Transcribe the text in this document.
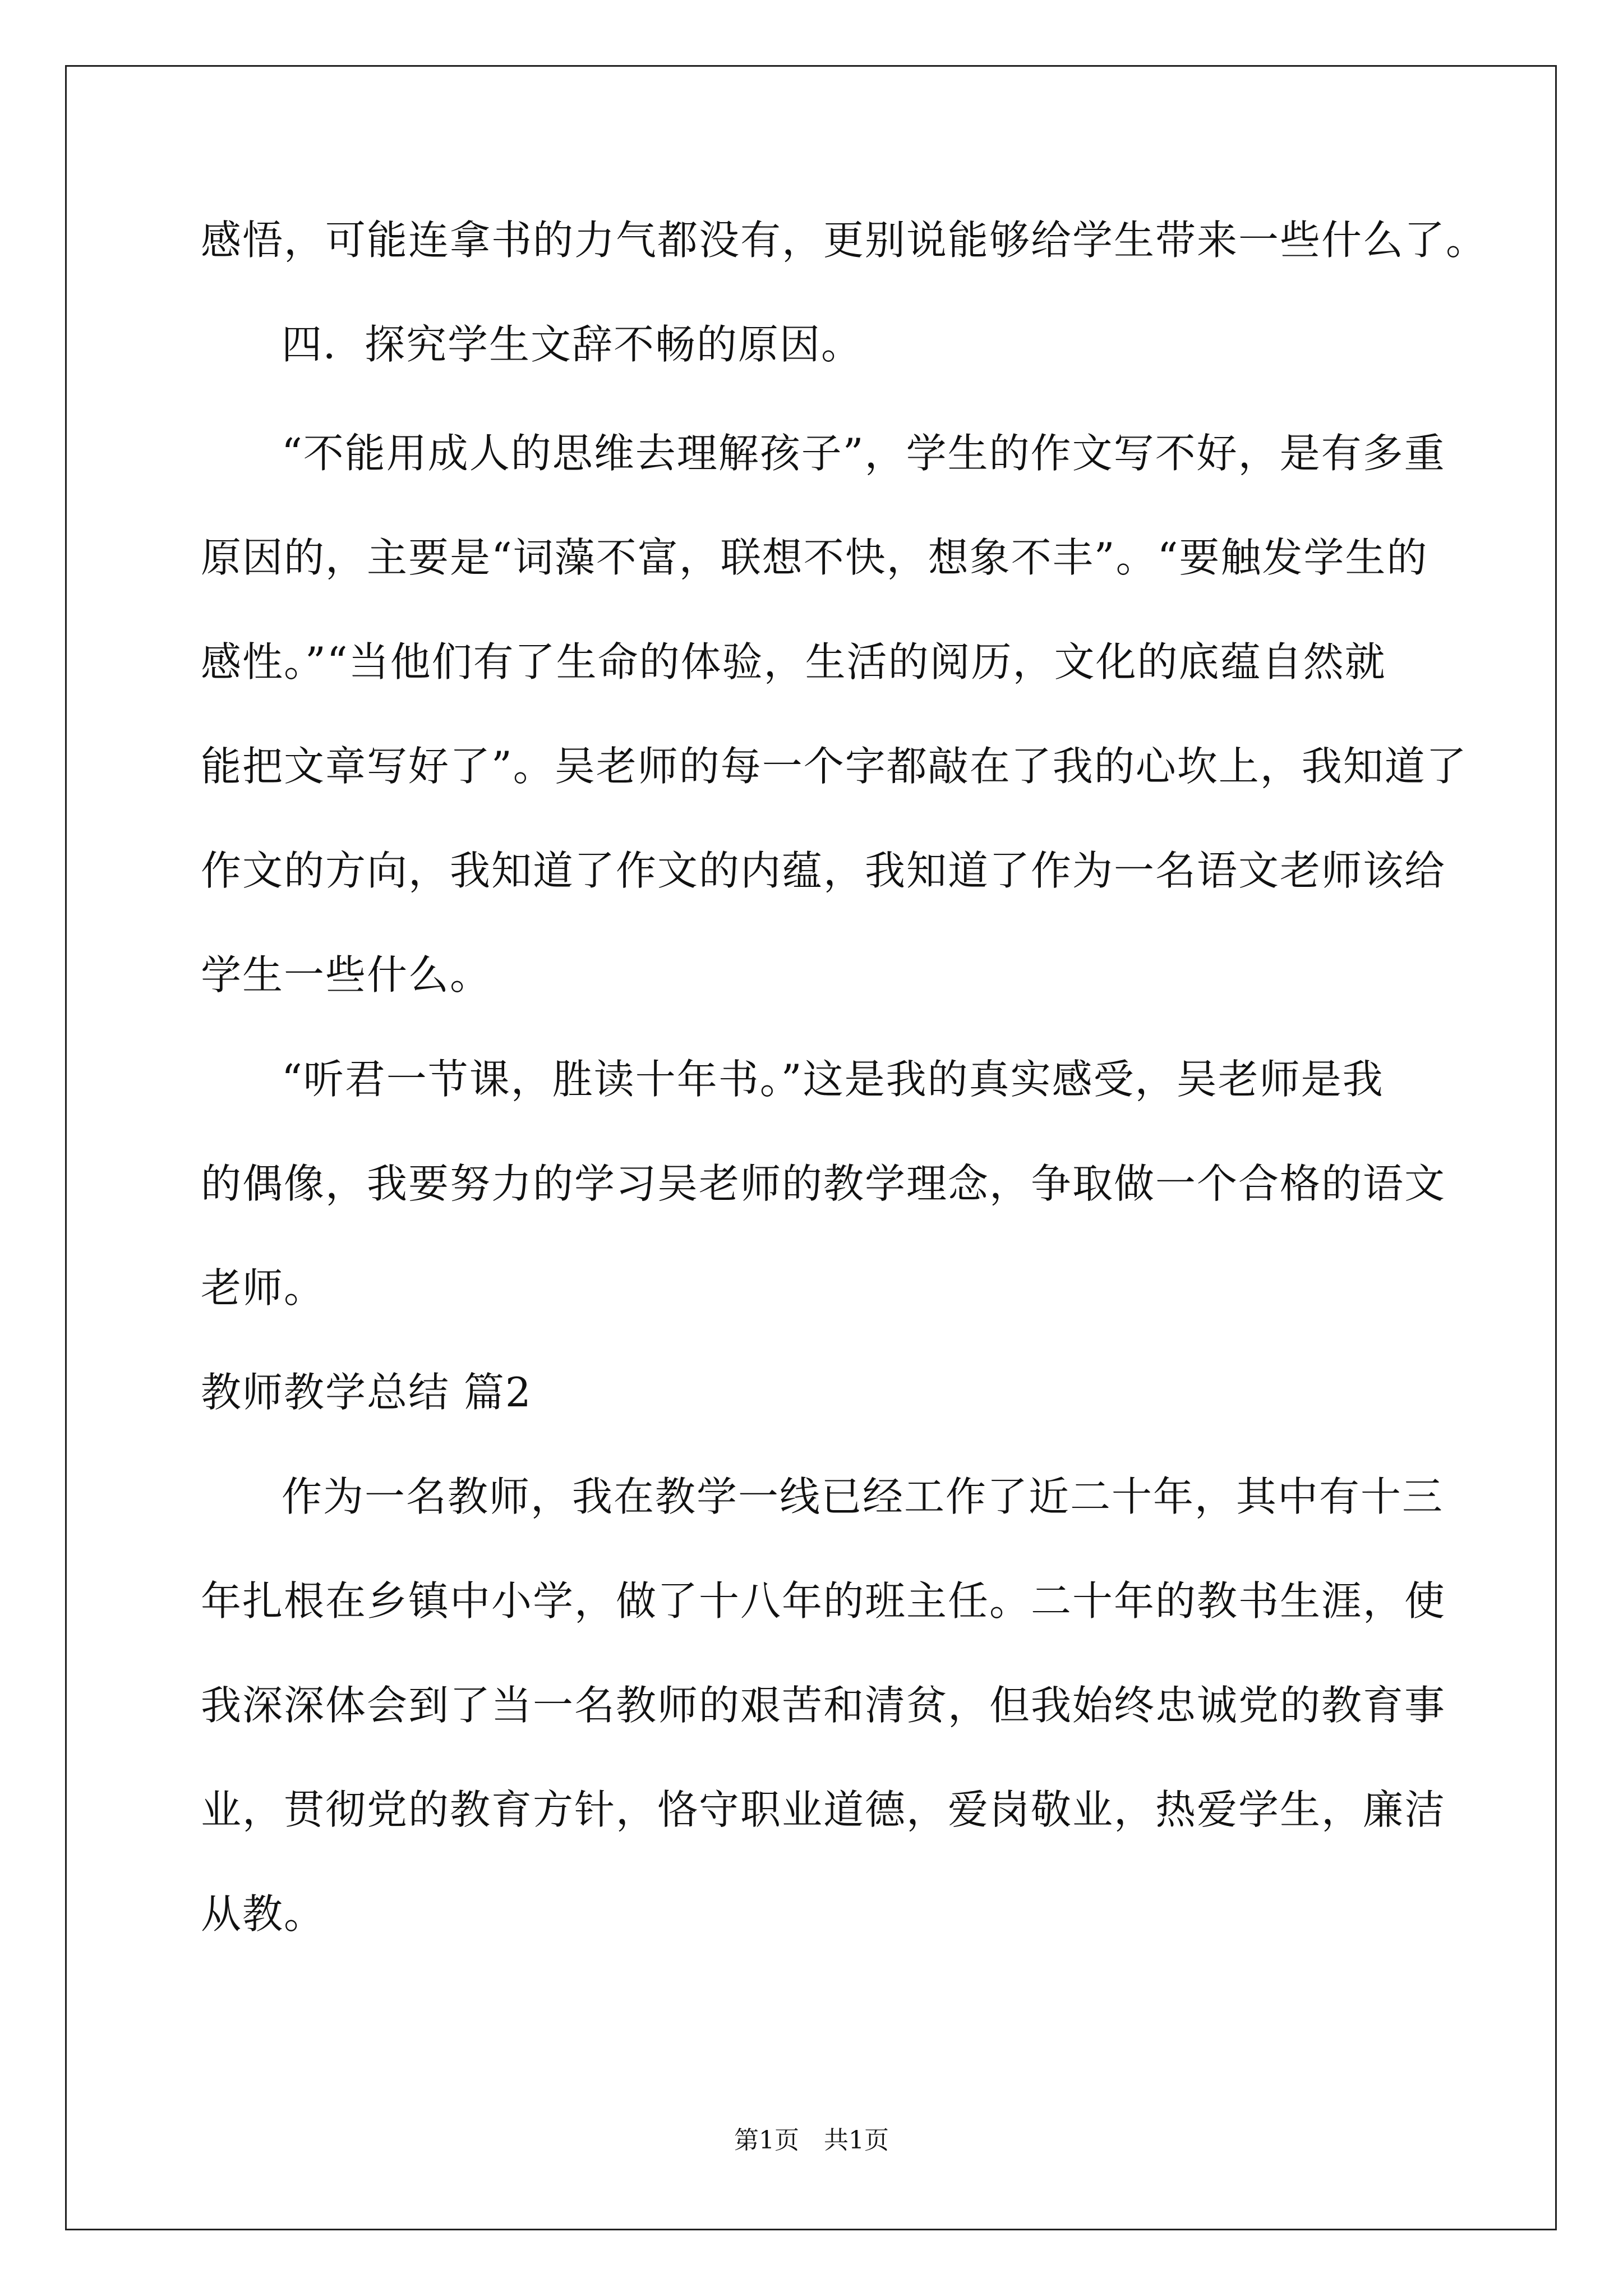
感悟，可能连拿书的力气都没有，更别说能够给学生带来一些什么了。
四．探究学生文辞不畅的原因。
“不能用成人的思维去理解孩子”，学生的作文写不好，是有多重
原因的，主要是“词藻不富，联想不快，想象不丰”。“要触发学生的
感性。”“当他们有了生命的体验，生活的阅历，文化的底蕴自然就
能把文章写好了”。吴老师的每一个字都敲在了我的心坎上，我知道了
作文的方向，我知道了作文的内蕴，我知道了作为一名语文老师该给
学生一些什么。
“听君一节课，胜读十年书。”这是我的真实感受，吴老师是我
的偶像，我要努力的学习吴老师的教学理念，争取做一个合格的语文
老师。
教师教学总结 篇2
作为一名教师，我在教学一线已经工作了近二十年，其中有十三
年扎根在乡镇中小学，做了十八年的班主任。二十年的教书生涯，使
我深深体会到了当一名教师的艰苦和清贫，但我始终忠诚党的教育事
业，贯彻党的教育方针，恪守职业道德，爱岗敬业，热爱学生，廉洁
从教。
第1页　共1页
